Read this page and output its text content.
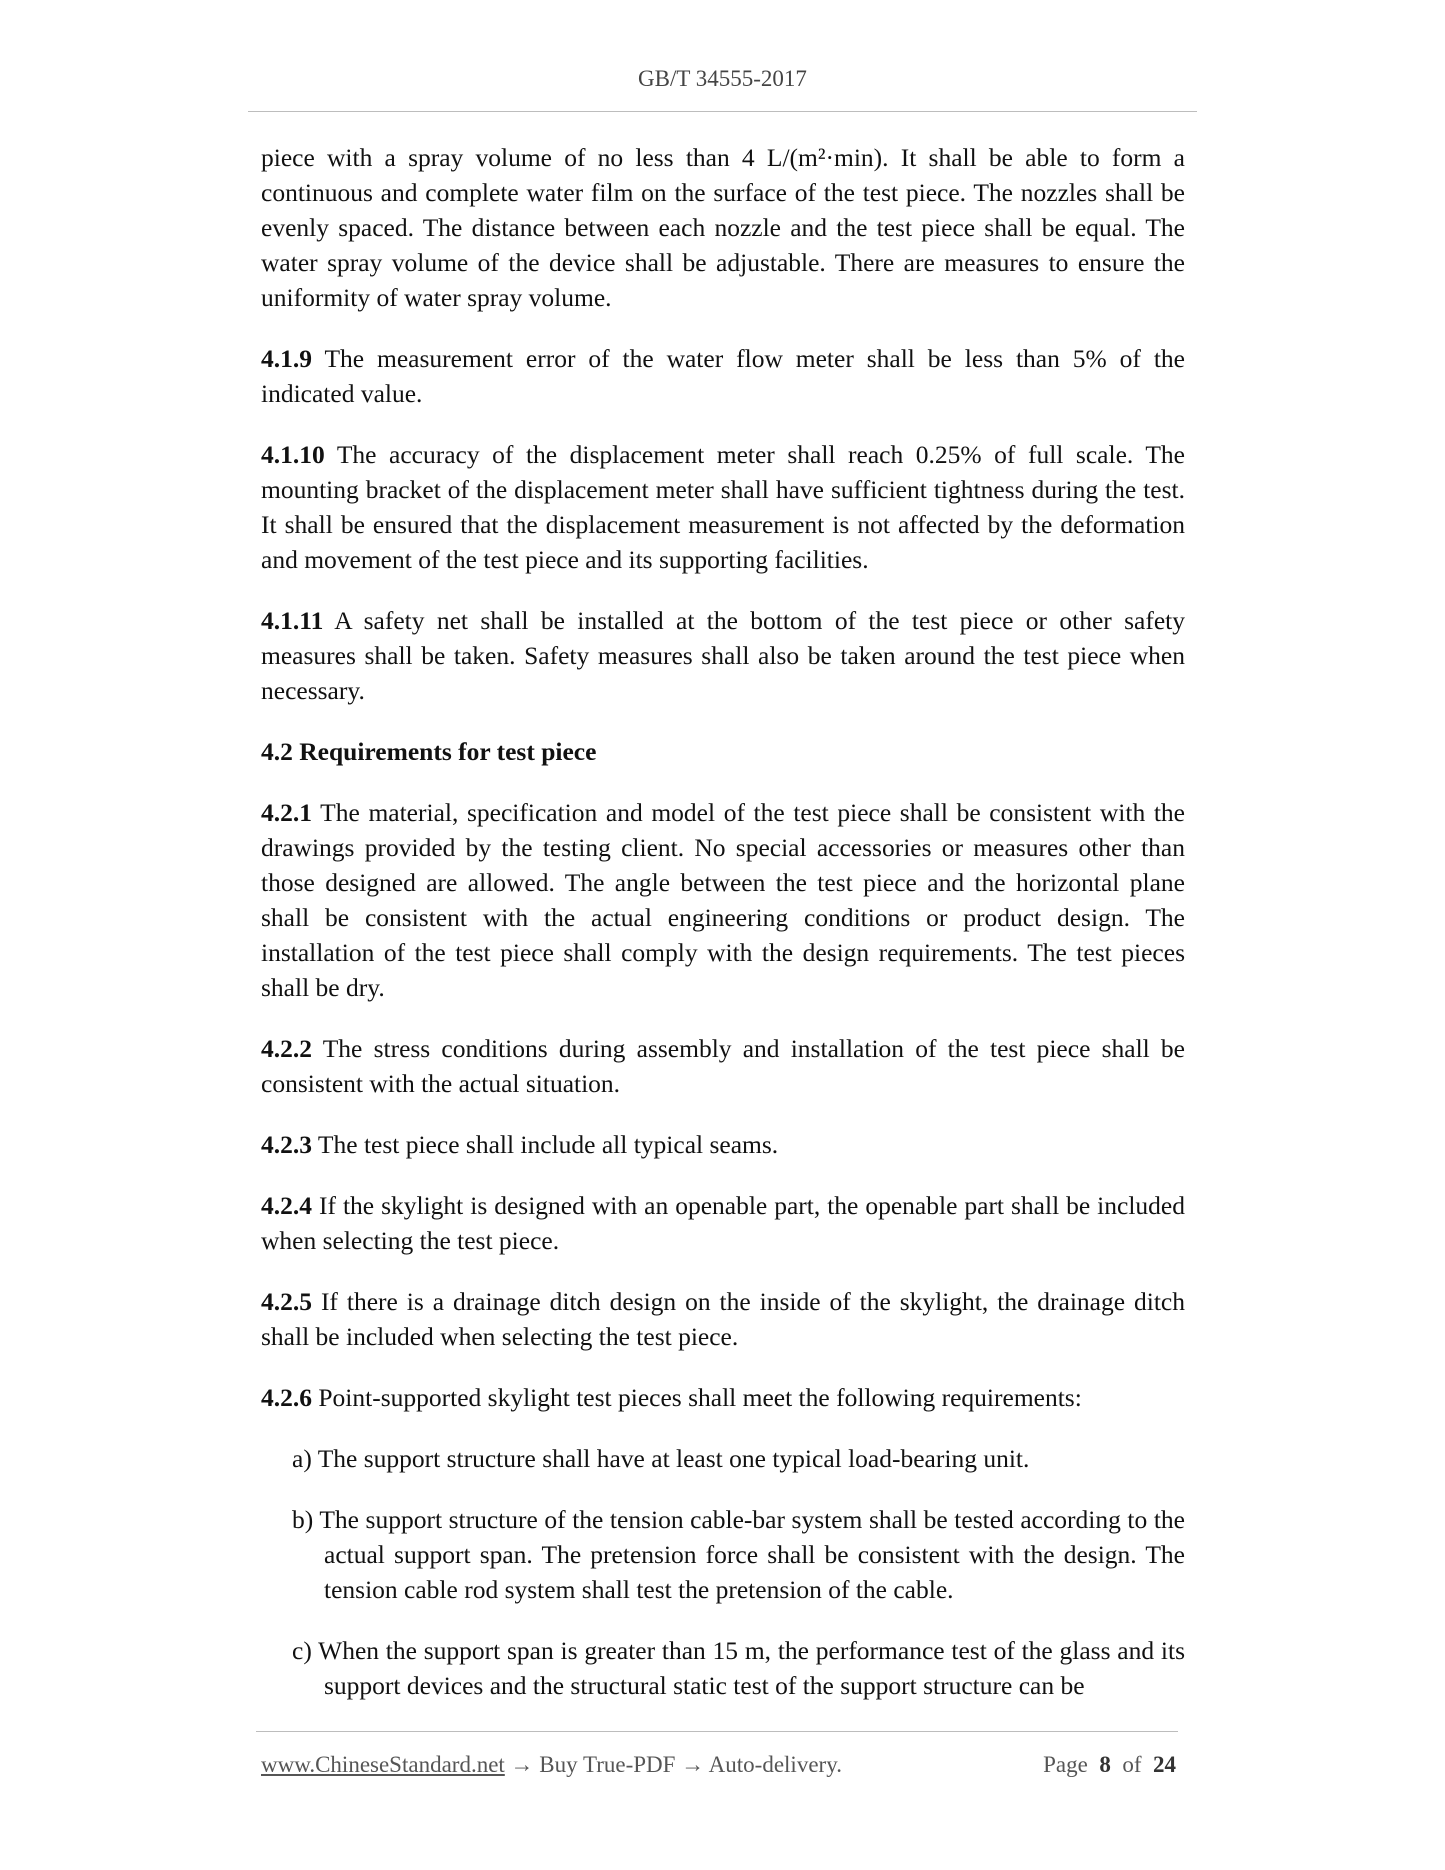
GB/T 34555-2017

piece with a spray volume of no less than 4 L/(m²·min). It shall be able to form a continuous and complete water film on the surface of the test piece. The nozzles shall be evenly spaced. The distance between each nozzle and the test piece shall be equal. The water spray volume of the device shall be adjustable. There are measures to ensure the uniformity of water spray volume.

4.1.9 The measurement error of the water flow meter shall be less than 5% of the indicated value.

4.1.10 The accuracy of the displacement meter shall reach 0.25% of full scale. The mounting bracket of the displacement meter shall have sufficient tightness during the test. It shall be ensured that the displacement measurement is not affected by the deformation and movement of the test piece and its supporting facilities.

4.1.11 A safety net shall be installed at the bottom of the test piece or other safety measures shall be taken. Safety measures shall also be taken around the test piece when necessary.

4.2 Requirements for test piece

4.2.1 The material, specification and model of the test piece shall be consistent with the drawings provided by the testing client. No special accessories or measures other than those designed are allowed. The angle between the test piece and the horizontal plane shall be consistent with the actual engineering conditions or product design. The installation of the test piece shall comply with the design requirements. The test pieces shall be dry.

4.2.2 The stress conditions during assembly and installation of the test piece shall be consistent with the actual situation.

4.2.3 The test piece shall include all typical seams.

4.2.4 If the skylight is designed with an openable part, the openable part shall be included when selecting the test piece.

4.2.5 If there is a drainage ditch design on the inside of the skylight, the drainage ditch shall be included when selecting the test piece.

4.2.6 Point-supported skylight test pieces shall meet the following requirements:

a) The support structure shall have at least one typical load-bearing unit.

b) The support structure of the tension cable-bar system shall be tested according to the actual support span. The pretension force shall be consistent with the design. The tension cable rod system shall test the pretension of the cable.

c) When the support span is greater than 15 m, the performance test of the glass and its support devices and the structural static test of the support structure can be

www.ChineseStandard.net → Buy True-PDF → Auto-delivery.	Page 8 of 24
